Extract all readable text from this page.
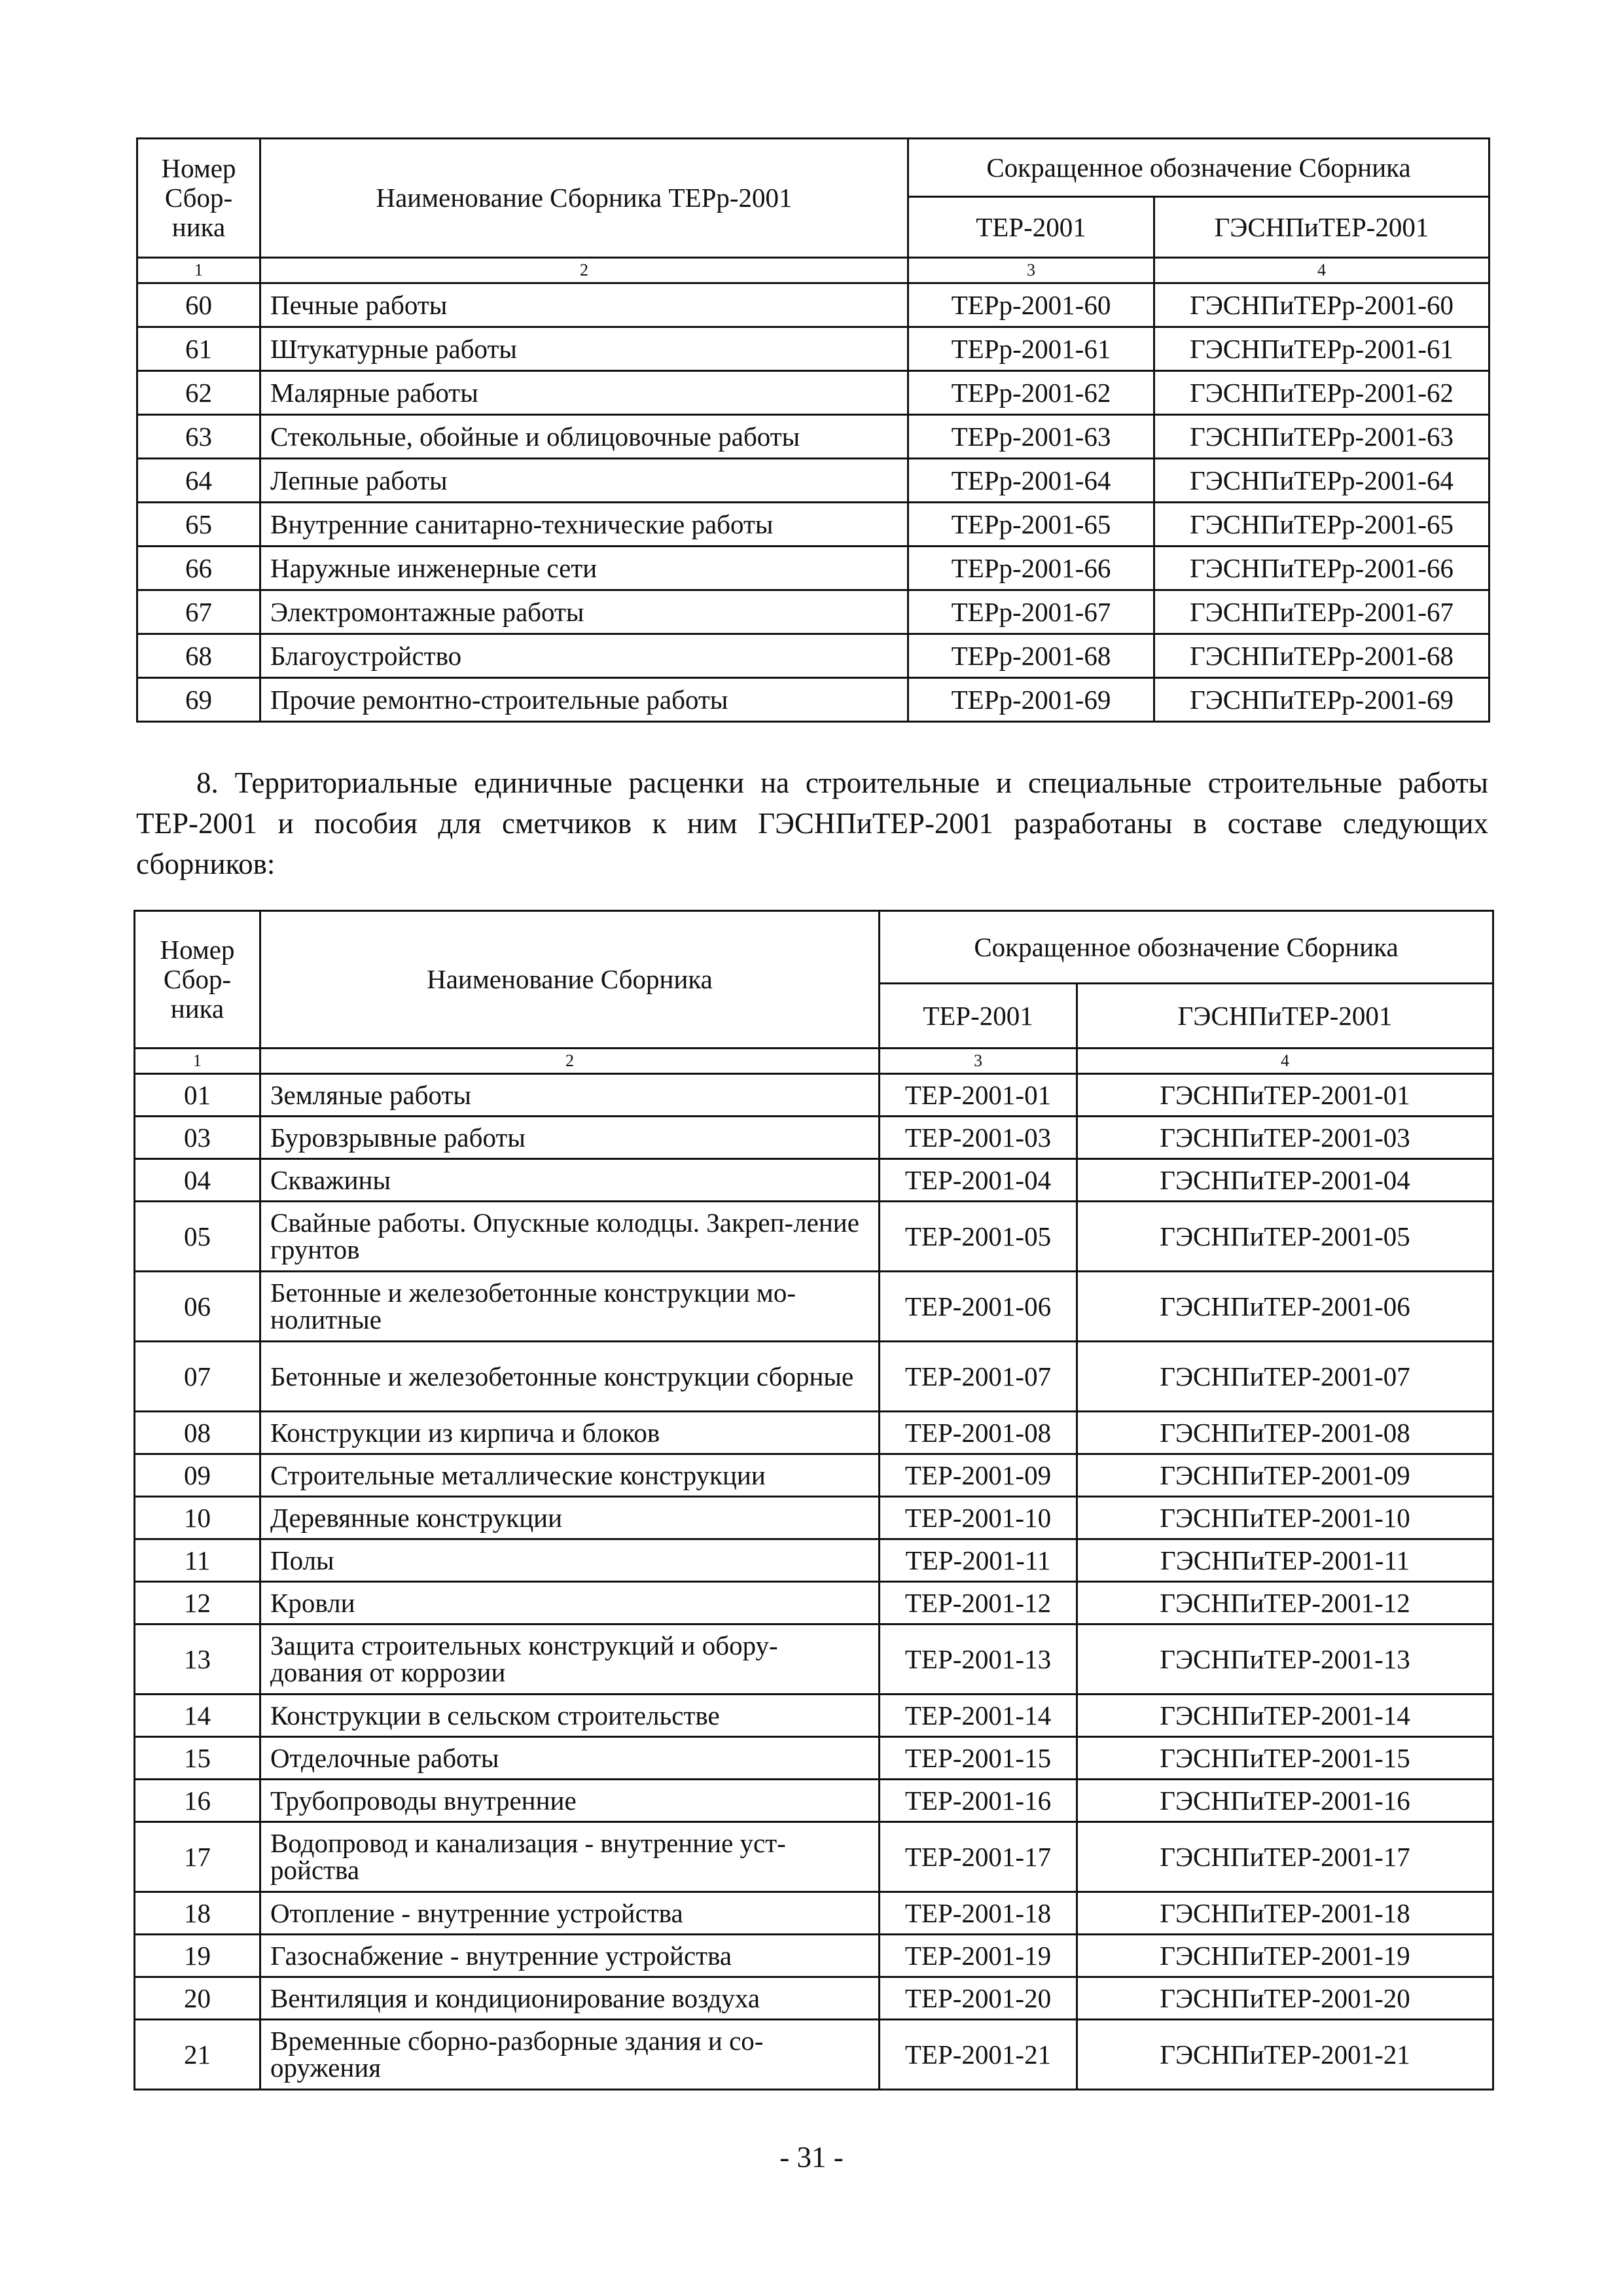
Номер Сбор-ника	Наименование Сборника ТЕРр-2001	Сокращенное обозначение Сборника	
		ТЕР-2001	ГЭСНПиТЕР-2001
1	2	3	4
60	Печные работы	ТЕРр-2001-60	ГЭСНПиТЕРр-2001-60
61	Штукатурные работы	ТЕРр-2001-61	ГЭСНПиТЕРр-2001-61
62	Малярные работы	ТЕРр-2001-62	ГЭСНПиТЕРр-2001-62
63	Стекольные, обойные и облицовочные работы	ТЕРр-2001-63	ГЭСНПиТЕРр-2001-63
64	Лепные работы	ТЕРр-2001-64	ГЭСНПиТЕРр-2001-64
65	Внутренние санитарно-технические работы	ТЕРр-2001-65	ГЭСНПиТЕРр-2001-65
66	Наружные инженерные сети	ТЕРр-2001-66	ГЭСНПиТЕРр-2001-66
67	Электромонтажные работы	ТЕРр-2001-67	ГЭСНПиТЕРр-2001-67
68	Благоустройство	ТЕРр-2001-68	ГЭСНПиТЕРр-2001-68
69	Прочие ремонтно-строительные работы	ТЕРр-2001-69	ГЭСНПиТЕРр-2001-69
8. Территориальные единичные расценки на строительные и специальные строительные работы ТЕР-2001 и пособия для сметчиков к ним ГЭСНПиТЕР-2001 разработаны в составе следующих сборников:
Номер Сбор-ника	Наименование Сборника	Сокращенное обозначение Сборника	
		ТЕР-2001	ГЭСНПиТЕР-2001
1	2	3	4
01	Земляные работы	ТЕР-2001-01	ГЭСНПиТЕР-2001-01
03	Буровзрывные работы	ТЕР-2001-03	ГЭСНПиТЕР-2001-03
04	Скважины	ТЕР-2001-04	ГЭСНПиТЕР-2001-04
05	Свайные работы. Опускные колодцы. Закреп-ление грунтов	ТЕР-2001-05	ГЭСНПиТЕР-2001-05
06	Бетонные и железобетонные конструкции мо-нолитные	ТЕР-2001-06	ГЭСНПиТЕР-2001-06
07	Бетонные и железобетонные конструкции сборные	ТЕР-2001-07	ГЭСНПиТЕР-2001-07
08	Конструкции из кирпича и блоков	ТЕР-2001-08	ГЭСНПиТЕР-2001-08
09	Строительные металлические конструкции	ТЕР-2001-09	ГЭСНПиТЕР-2001-09
10	Деревянные конструкции	ТЕР-2001-10	ГЭСНПиТЕР-2001-10
11	Полы	ТЕР-2001-11	ГЭСНПиТЕР-2001-11
12	Кровли	ТЕР-2001-12	ГЭСНПиТЕР-2001-12
13	Защита строительных конструкций и обору-дования от коррозии	ТЕР-2001-13	ГЭСНПиТЕР-2001-13
14	Конструкции в сельском строительстве	ТЕР-2001-14	ГЭСНПиТЕР-2001-14
15	Отделочные работы	ТЕР-2001-15	ГЭСНПиТЕР-2001-15
16	Трубопроводы внутренние	ТЕР-2001-16	ГЭСНПиТЕР-2001-16
17	Водопровод и канализация - внутренние уст-ройства	ТЕР-2001-17	ГЭСНПиТЕР-2001-17
18	Отопление - внутренние устройства	ТЕР-2001-18	ГЭСНПиТЕР-2001-18
19	Газоснабжение - внутренние устройства	ТЕР-2001-19	ГЭСНПиТЕР-2001-19
20	Вентиляция и кондиционирование воздуха	ТЕР-2001-20	ГЭСНПиТЕР-2001-20
21	Временные сборно-разборные здания и со-оружения	ТЕР-2001-21	ГЭСНПиТЕР-2001-21
- 31 -
